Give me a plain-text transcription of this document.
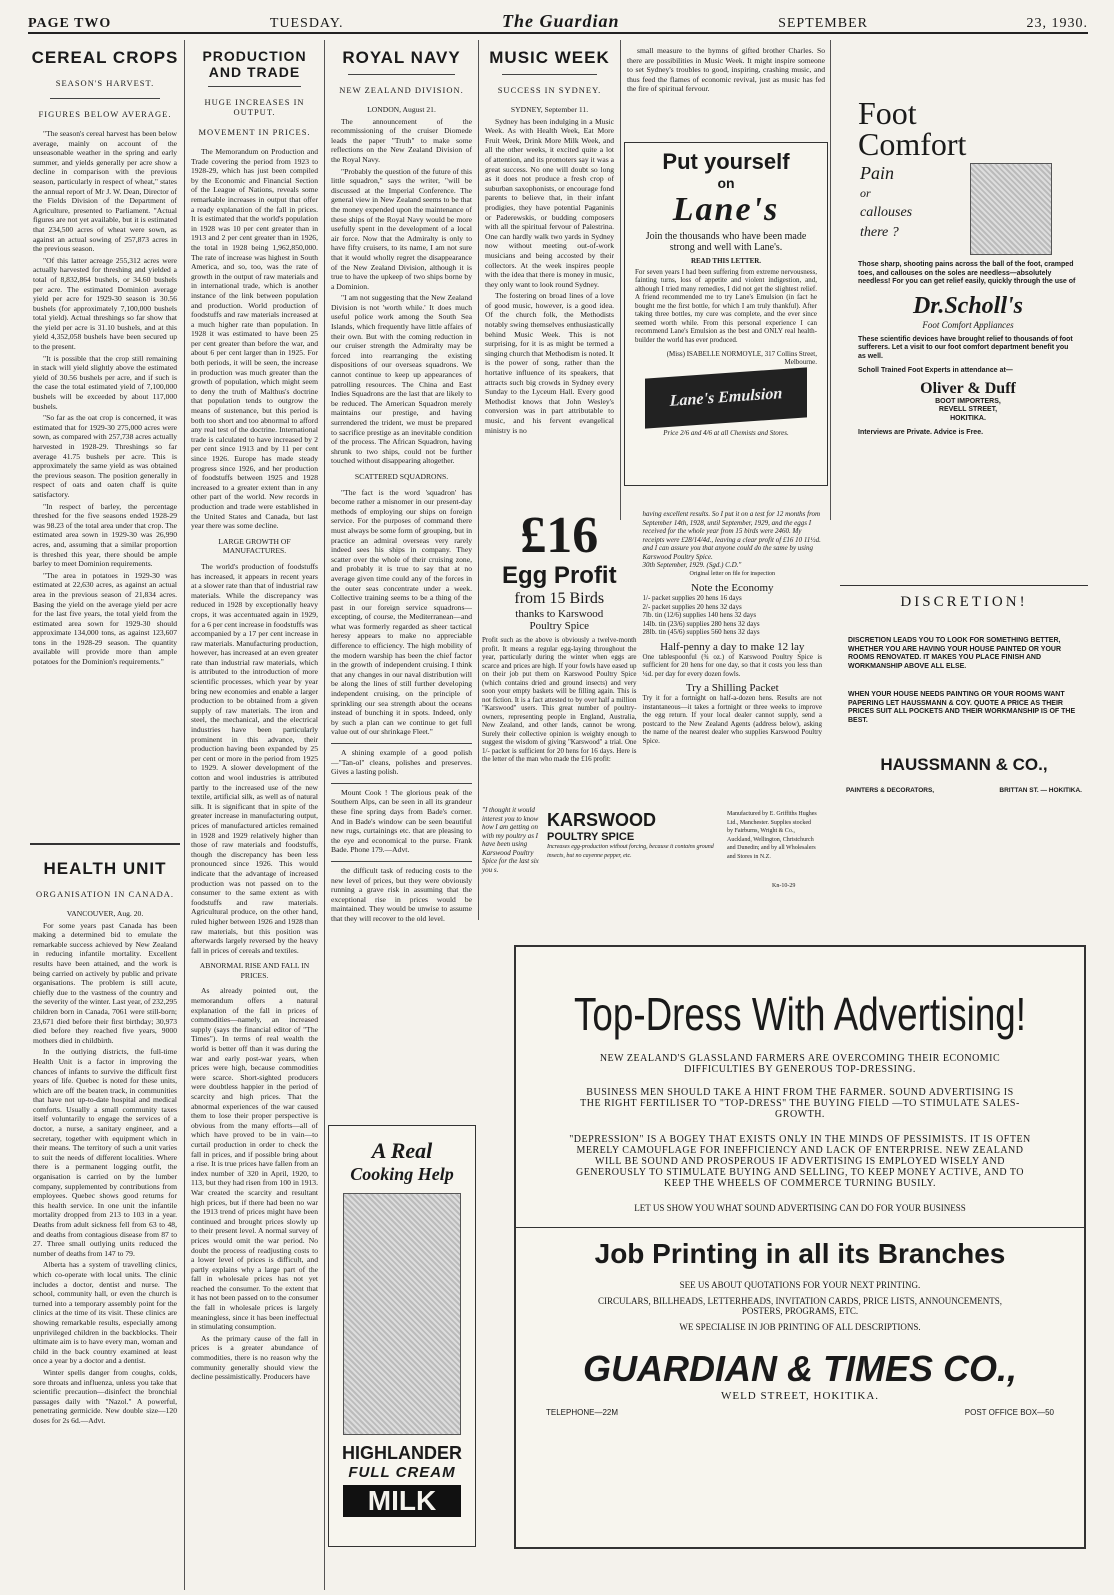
PAGE TWO	TUESDAY.	The Guardian	SEPTEMBER	23, 1930.
CEREAL CROPS
SEASON'S HARVEST.
FIGURES BELOW AVERAGE.

"The season's cereal harvest has been below average, mainly on account of the unseasonable weather in the spring and early summer, and yields generally per acre show a decline in comparison with the previous season, particularly in respect of wheat," states the annual report of Mr J. W. Dean, Director of the Fields Division of the Department of Agriculture, presented to Parliament. "Actual figures are not yet available, but it is estimated that 234,500 acres of wheat were sown, as against an actual sowing of 257,873 acres in the previous season.

"Of this latter acreage 255,312 acres were actually harvested for threshing and yielded a total of 8,832,864 bushels, or 34.60 bushels per acre. The estimated Dominion average yield per acre for 1929-30 season is 30.56 bushels (for approximately 7,100,000 bushels total yield). Actual threshings so far show that the yield per acre is 31.10 bushels, and at this yield 4,352,058 bushels have been secured up to the present.

"It is possible that the crop still remaining in stack will yield slightly above the estimated yield of 30.56 bushels per acre, and if such is the case the total estimated yield of 7,100,000 bushels will be exceeded by about 117,000 bushels.

"So far as the oat crop is concerned, it was estimated that for 1929-30 275,000 acres were sown, as compared with 257,738 acres actually harvested in 1928-29. Threshings so far average 41.75 bushels per acre. This is approximately the same yield as was obtained the previous season. The position generally in respect of oats and oaten chaff is quite satisfactory.

"In respect of barley, the percentage threshed for the five seasons ended 1928-29 was 98.23 of the total area under that crop. The estimated area sown in 1929-30 was 26,990 acres, and, assuming that a similar proportion is threshed this year, there should be ample barley to meet Dominion requirements.

"The area in potatoes in 1929-30 was estimated at 22,630 acres, as against an actual area in the previous season of 21,834 acres. Basing the yield on the average yield per acre for the last five years, the total yield from the estimated area sown for 1929-30 should approximate 134,000 tons, as against 123,607 tons in the 1928-29 season. The quantity available will provide more than ample potatoes for the Dominion's requirements."

HEALTH UNIT
ORGANISATION IN CANADA.

VANCOUVER, Aug. 20.

For some years past Canada has been making a determined bid to emulate the remarkable success achieved by New Zealand in reducing infantile mortality. Excellent results have been attained, and the work is being carried on actively by public and private organisations. The problem is still acute, chiefly due to the vastness of the country and the severity of the winter. Last year, of 232,295 children born in Canada, 7061 were still-born; 23,671 died before their first birthday; 30,973 died before they reached five years, 9000 mothers died in childbirth.

In the outlying districts, the full-time Health Unit is a factor in improving the chances of infants to survive the difficult first years of life. Quebec is noted for these units, which are off the beaten track, in communities that have not up-to-date hospital and medical comforts. Usually a small community taxes itself voluntarily to engage the services of a doctor, a nurse, a sanitary engineer, and a secretary, together with equipment which in their means. The territory of such a unit varies to suit the needs of different localities. Where there is a permanent logging outfit, the organisation is carried on by the lumber company, supplemented by contributions from employees. Quebec shows good returns for this health service. In one unit the infantile mortality dropped from 213 to 103 in a year. Deaths from adult sickness fell from 63 to 48, and deaths from contagious disease from 87 to 27. Three small outlying units reduced the number of deaths from 147 to 79.

Alberta has a system of travelling clinics, which co-operate with local units. The clinic includes a doctor, dentist and nurse. The school, community hall, or even the church is turned into a temporary assembly point for the clinics at the time of its visit. These clinics are showing remarkable results, especially among unprivileged children in the backblocks. Their ultimate aim is to have every man, woman and child in the back country examined at least once a year by a doctor and a dentist.

Winter spells danger from coughs, colds, sore throats and influenza, unless you take that scientific precaution—disinfect the bronchial passages daily with "Nazol." A powerful, penetrating germicide. New double size—120 doses for 2s 6d.—Advt.

PRODUCTION AND TRADE
HUGE INCREASES IN OUTPUT.
MOVEMENT IN PRICES.

The Memorandum on Production and Trade covering the period from 1923 to 1928-29, which has just been compiled by the Economic and Financial Section of the League of Nations, reveals some remarkable increases in output that offer a ready explanation of the fall in prices. It is estimated that the world's population in 1928 was 10 per cent greater than in 1913 and 2 per cent greater than in 1926, the total in 1928 being 1,962,850,000. The rate of increase was highest in South America, and so, too, was the rate of growth in the output of raw materials and in international trade, which is another instance of the link between population and production. World production of foodstuffs and raw materials increased at a much higher rate than population. In 1928 it was estimated to have been 25 per cent greater than before the war, and about 6 per cent larger than in 1925. For both periods, it will be seen, the increase in production was much greater than the growth of population, which might seem to deny the truth of Malthus's doctrine that population tends to outgrow the means of sustenance, but this period is both too short and too abnormal to afford any real test of the doctrine. International trade is calculated to have increased by 2 per cent since 1913 and by 11 per cent since 1926. Europe has made steady progress since 1926, and her production of foodstuffs between 1925 and 1928 increased to a greater extent than in any other part of the world. New records in production and trade were established in the United States and Canada, but last year there was some decline.

LARGE GROWTH OF MANUFACTURES.

The world's production of foodstuffs has increased, it appears in recent years at a slower rate than that of industrial raw materials. While the discrepancy was reduced in 1928 by exceptionally heavy crops, it was accentuated again in 1929, for a 6 per cent increase in foodstuffs was accompanied by a 17 per cent increase in raw materials. Manufacturing production, however, has increased at an even greater rate than industrial raw materials, which is attributed to the introduction of more scientific processes, which year by year bring new economies and enable a larger production to be obtained from a given supply of raw materials. The iron and steel, the mechanical, and the electrical industries have been particularly prominent in this advance, their production having been expanded by 25 per cent or more in the period from 1925 to 1929. A slower development of the cotton and wool industries is attributed partly to the increased use of the new textile, artificial silk, as well as of natural silk. It is significant that in spite of the greater increase in manufacturing output, prices of manufactured articles remained in 1928 and 1929 relatively higher than those of raw materials and foodstuffs, though the discrepancy has been less pronounced since 1926. This would indicate that the advantage of increased production was not passed on to the consumer to the same extent as with foodstuffs and raw materials. Agricultural produce, on the other hand, ruled higher between 1926 and 1928 than raw materials, but this position was afterwards largely reversed by the heavy fall in prices of cereals and textiles.

ABNORMAL RISE AND FALL IN PRICES.

As already pointed out, the memorandum offers a natural explanation of the fall in prices of commodities—namely, an increased supply (says the financial editor of "The Times"). In terms of real wealth the world is better off than it was during the war and early post-war years, when prices were high, because commodities were scarce. Short-sighted producers were doubtless happier in the period of scarcity and high prices. That the abnormal experiences of the war caused them to lose their proper perspective is obvious from the many efforts—all of which have proved to be in vain—to curtail production in order to check the fall in prices, and if possible bring about a rise. It is true prices have fallen from an index number of 320 in April, 1920, to 113, but they had risen from 100 in 1913. War created the scarcity and resultant high prices, but if there had been no war the 1913 trend of prices might have been continued and brought prices slowly up to their present level. A normal survey of prices would omit the war period. No doubt the process of readjusting costs to a lower level of prices is difficult, and partly explains why a large part of the fall in wholesale prices has not yet reached the consumer. To the extent that it has not been passed on to the consumer the fall in wholesale prices is largely meaningless, since it has been ineffectual in stimulating consumption.

As the primary cause of the fall in prices is a greater abundance of commodities, there is no reason why the community generally should view the decline pessimistically. Producers have

ROYAL NAVY
NEW ZEALAND DIVISION.

LONDON, August 21.

The announcement of the recommissioning of the cruiser Diomede leads the paper "Truth" to make some reflections on the New Zealand Division of the Royal Navy.

"Probably the question of the future of this little squadron," says the writer, "will be discussed at the Imperial Conference. The general view in New Zealand seems to be that the money expended upon the maintenance of these ships of the Royal Navy would be more usefully spent in the development of a local air force. Now that the Admiralty is only to have fifty cruisers, to its name, I am not sure that it would wholly regret the disappearance of the New Zealand Division, although it is true to have the upkeep of two ships borne by a Dominion.

"I am not suggesting that the New Zealand Division is not 'worth while.' It does much useful police work among the South Sea Islands, which frequently have little affairs of their own. But with the coming reduction in our cruiser strength the Admiralty may be forced into rearranging the existing dispositions of our overseas squadrons. We cannot continue to keep up appearances of patrolling resources. The China and East Indies Squadrons are the last that are likely to be reduced. The American Squadron merely maintains our prestige, and having surrendered the trident, we must be prepared to sacrifice prestige as an inevitable condition of the process. The African Squadron, having shrunk to two ships, could not be further touched without disappearing altogether.

SCATTERED SQUADRONS.

"The fact is the word 'squadron' has become rather a misnomer in our present-day methods of employing our ships on foreign service. For the purposes of command there must always be some form of grouping, but in practice an admiral overseas very rarely indeed sees his ships in company. They scatter over the whole of their cruising zone, and probably it is true to say that at no average given time could any of the forces in the outer seas concentrate under a week. Collective training seems to be a thing of the past in our foreign service squadrons—excepting, of course, the Mediterranean—and what was formerly regarded as sheer tactical heresy appears to make no appreciable difference to efficiency. The high mobility of the modern warship has been the chief factor in the growth of independent cruising. I think that any changes in our naval distribution will be along the lines of still further developing independent cruising, on the principle of sprinkling our sea strength about the oceans instead of bunching it in spots. Indeed, only by such a plan can we continue to get full value out of our shrinkage Fleet."

A shining example of a good polish—"Tan-ol" cleans, polishes and preserves. Gives a lasting polish.

Mount Cook ! The glorious peak of the Southern Alps, can be seen in all its grandeur these fine spring days from Bade's corner. And in Bade's window can be seen beautiful new rugs, curtainings etc. that are pleasing to the eye and economical to the purse. Frank Bade. Phone 179.—Advt.

the difficult task of reducing costs to the new level of prices, but they were obviously running a grave risk in assuming that the exceptional rise in prices would be maintained. They would be unwise to assume that they will recover to the old level.

MUSIC WEEK
SUCCESS IN SYDNEY.

SYDNEY, September 11.

Sydney has been indulging in a Music Week. As with Health Week, Eat More Fruit Week, Drink More Milk Week, and all the other weeks, it excited quite a lot of attention, and its promoters say it was a great success. No one will doubt so long as it does not produce a fresh crop of suburban saxophonists, or encourage fond parents to believe that, in their infant prodigies, they have potential Paganinis or Paderewskis, or budding composers with all the spiritual fervour of Palestrina. One can hardly walk two yards in Sydney now without meeting out-of-work musicians and being accosted by their collectors. At the week inspires people with the idea that there is money in music, they only want to look round Sydney.

The fostering on broad lines of a love of good music, however, is a good idea. Of the church folk, the Methodists notably swing themselves enthusiastically behind Music Week. This is not surprising, for it is as might be termed a singing church that Methodism is noted. It is the power of song, rather than the hortative influence of its speakers, that attracts such big crowds in Sydney every Sunday to the Lyceum Hall. Every good Methodist knows that John Wesley's conversion was in part attributable to music, and his fervent evangelical ministry is no

small measure to the hymns of gifted brother Charles. So there are possibilities in Music Week. It might inspire someone to set Sydney's troubles to good, inspiring, crashing music, and thus feed the flames of economic revival, just as music has fed the fire of spiritual fervour.

Put yourself
on
Lane's
Join the thousands who have been made strong and well with Lane's.
READ THIS LETTER.
For seven years I had been suffering from extreme nervousness, fainting turns, loss of appetite and violent indigestion, and, although I tried many remedies, I did not get the slightest relief. A friend recommended me to try Lane's Emulsion (in fact he bought me the first bottle, for which I am truly thankful). After taking three bottles, my cure was complete, and the ever since seemed worth while. From this personal experience I can recommend Lane's Emulsion as the best and ONLY real health-builder the world has ever produced.
(Miss) ISABELLE NORMOYLE, 317 Collins Street, Melbourne.
Lane's Emulsion
Price 2/6 and 4/6 at all Chemists and Stores.
Foot
Comfort
Pain
or
callouses
there ?
Those sharp, shooting pains across the ball of the foot, cramped toes, and callouses on the soles are needless—absolutely needless! For you can get relief easily, quickly through the use of
Dr.Scholl's
Foot Comfort Appliances
These scientific devices have brought relief to thousands of foot sufferers. Let a visit to our foot comfort department benefit you as well.
Scholl Trained Foot Experts in attendance at—
Oliver & Duff
BOOT IMPORTERS,
REVELL STREET,
HOKITIKA.
Interviews are Private. Advice is Free.
£16
Egg Profit
from 15 Birds
thanks to Karswood
Poultry Spice
Profit such as the above is obviously a twelve-month profit. It means a regular egg-laying throughout the year, particularly during the winter when eggs are scarce and prices are high. If your fowls have eased up on their job put them on Karswood Poultry Spice (which contains dried and ground insects) and very soon your empty baskets will be filling again. This is not fiction. It is a fact attested to by over half a million "Karswood" users. This great number of poultry-owners, representing people in England, Australia, New Zealand, and other lands, cannot be wrong. Surely their collective opinion is weighty enough to suggest the wisdom of giving "Karswood" a trial. One 1/- packet is sufficient for 20 hens for 16 days. Here is the letter of the man who made the £16 profit:
"I thought it would interest you to know how I am getting on with my poultry as I have been using Karswood Poultry Spice for the last six you s.
having excellent results. So I put it on a test for 12 months from September 14th, 1928, until September, 1929, and the eggs I received for the whole year from 15 birds were 2460. My receipts were £28/14/4d., leaving a clear profit of £16 10 11½d. and I can assure you that anyone could do the same by using Karswood Poultry Spice.
30th September, 1929. (Sgd.) C.D."
Original letter on file for inspection
Note the Economy
1/- packet supplies 20 hens 16 days
2/- packet supplies 20 hens 32 days
7lb. tin (12/6) supplies 140 hens 32 days
14lb. tin (23/6) supplies 280 hens 32 days
28lb. tin (45/6) supplies 560 hens 32 days
Half-penny a day to make 12 lay
One tablespoonful (¾ oz.) of Karswood Poultry Spice is sufficient for 20 hens for one day, so that it costs you less than ¼d. per day for every dozen fowls.
Try a Shilling Packet
Try it for a fortnight on half-a-dozen hens. Results are not instantaneous—it takes a fortnight or three weeks to improve the egg return. If your local dealer cannot supply, send a postcard to the New Zealand Agents (address below), asking the name of the nearest dealer who supplies Karswood Poultry Spice.
KARSWOOD
POULTRY SPICE
Increases egg-production without forcing, because it contains ground insects, but no cayenne pepper, etc.
Manufactured by E. Griffiths Hughes Ltd., Manchester. Supplies stocked by Fairburns, Wright & Co., Auckland, Wellington, Christchurch and Dunedin; and by all Wholesalers and Stores in N.Z.
Kn-10-29
DISCRETION!
DISCRETION LEADS YOU TO LOOK FOR SOMETHING BETTER, WHETHER YOU ARE HAVING YOUR HOUSE PAINTED OR YOUR ROOMS RENOVATED. IT MAKES YOU PLACE FINISH AND WORKMANSHIP ABOVE ALL ELSE.
WHEN YOUR HOUSE NEEDS PAINTING OR YOUR ROOMS WANT PAPERING LET HAUSSMANN & COY. QUOTE A PRICE AS THEIR PRICES SUIT ALL POCKETS AND THEIR WORKMANSHIP IS OF THE BEST.
HAUSSMANN & CO.,
PAINTERS & DECORATORS,	BRITTAN ST. — HOKITIKA.
A Real
Cooking Help
HIGHLANDER
FULL CREAM
MILK
Top-Dress With Advertising!
NEW ZEALAND'S GLASSLAND FARMERS ARE OVERCOMING THEIR ECONOMIC DIFFICULTIES BY GENEROUS TOP-DRESSING.
BUSINESS MEN SHOULD TAKE A HINT FROM THE FARMER. SOUND ADVERTISING IS THE RIGHT FERTILISER TO "TOP-DRESS" THE BUYING FIELD —TO STIMULATE SALES-GROWTH.
"DEPRESSION" IS A BOGEY THAT EXISTS ONLY IN THE MINDS OF PESSIMISTS. IT IS OFTEN MERELY CAMOUFLAGE FOR INEFFICIENCY AND LACK OF ENTERPRISE. NEW ZEALAND WILL BE SOUND AND PROSPEROUS IF ADVERTISING IS EMPLOYED WISELY AND GENEROUSLY TO STIMULATE BUYING AND SELLING, TO KEEP MONEY ACTIVE, AND TO KEEP THE WHEELS OF COMMERCE TURNING BUSILY.
LET US SHOW YOU WHAT SOUND ADVERTISING CAN DO FOR YOUR BUSINESS
Job Printing in all its Branches
SEE US ABOUT QUOTATIONS FOR YOUR NEXT PRINTING.
CIRCULARS, BILLHEADS, LETTERHEADS, INVITATION CARDS, PRICE LISTS, ANNOUNCEMENTS, POSTERS, PROGRAMS, ETC.
WE SPECIALISE IN JOB PRINTING OF ALL DESCRIPTIONS.
GUARDIAN & TIMES CO.,
WELD STREET, HOKITIKA.
TELEPHONE—22M	POST OFFICE BOX—50
